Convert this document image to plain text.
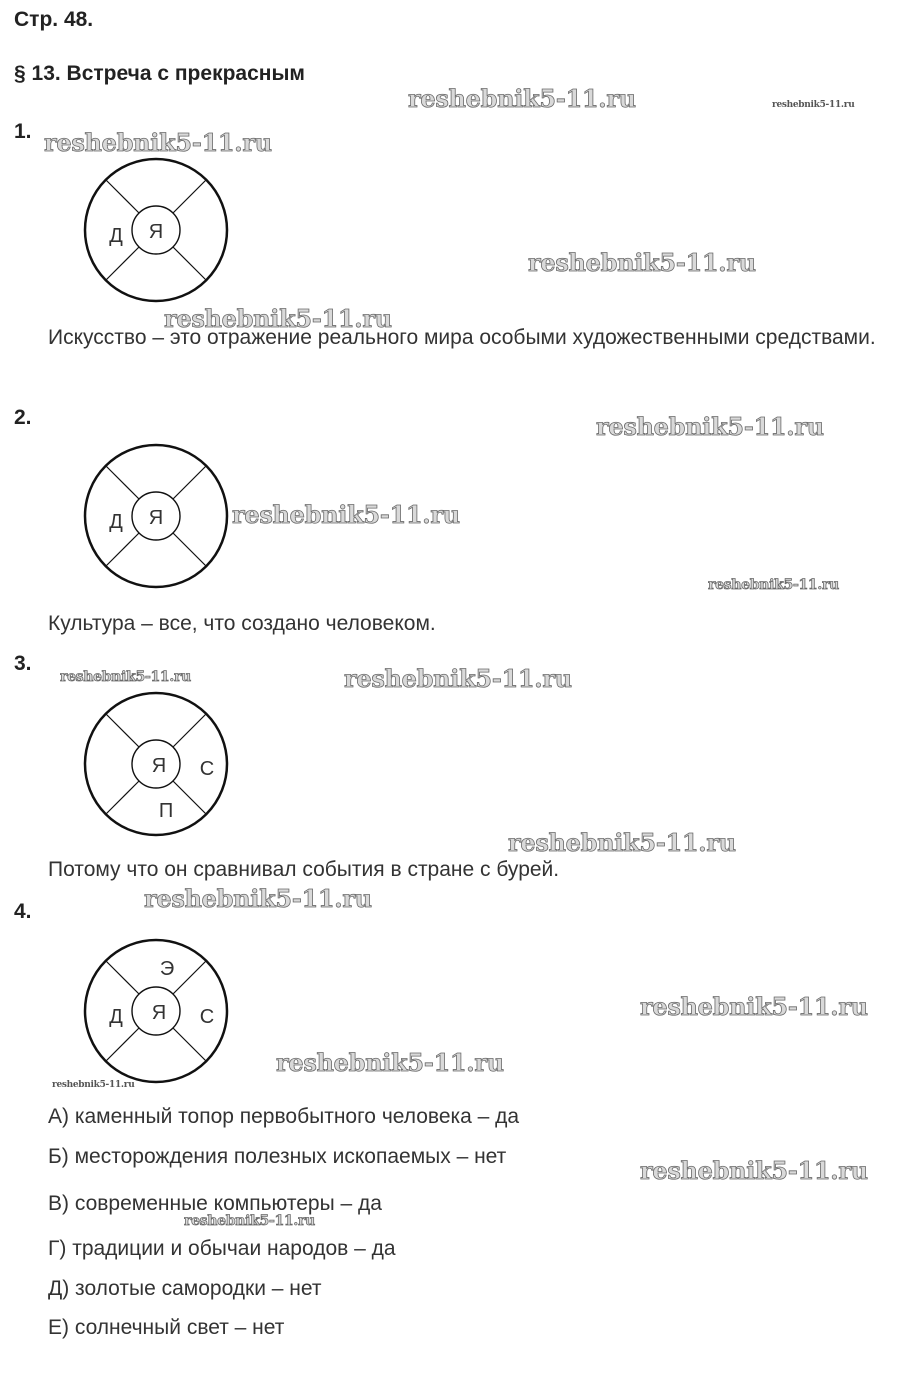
Стр. 48.
§ 13. Встреча с прекрасным
1.
Я
Д
Искусство – это отражение реального мира особыми художественными средствами.
2.
Я
Д
Культура – все, что создано человеком.
3.
Я С
П
Потому что он сравнивал события в стране с бурей.
4.
Я
Э
Д	С
А) каменный топор первобытного человека – да
Б) месторождения полезных ископаемых – нет
В) современные компьютеры – да
Г) традиции и обычаи народов – да
Д) золотые самородки – нет
Е) солнечный свет – нет
reshebnik5-11.ru	reshebnik5-11.ru
reshebnik5-11.ru
reshebnik5-11.ru
reshebnik5-11.ru
reshebnik5-11.ru
reshebnik5-11.ru
reshebnik5-11.ru
reshebnik5-11.ru	reshebnik5-11.ru
reshebnik5-11.ru
reshebnik5-11.ru
reshebnik5-11.ru
reshebnik5-11.ru
reshebnik5-11.ru
reshebnik5-11.ru
reshebnik5-11.ru
